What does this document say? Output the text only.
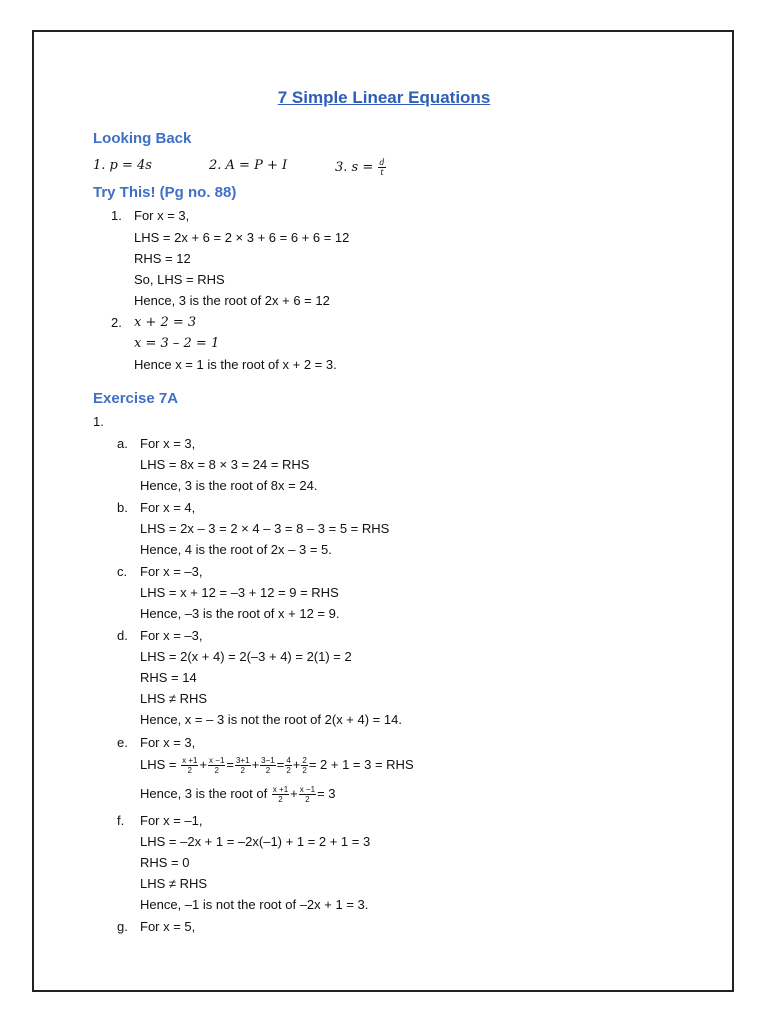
7 Simple Linear Equations
Looking Back
1. p = 4s	2. A = P + I	3. $s = \frac{d}{t}$
Try This! (Pg no. 88)
1. For x = 3,
LHS = 2x + 6 = 2 × 3 + 6 = 6 + 6 = 12
RHS = 12
So, LHS = RHS
Hence, 3 is the root of 2x + 6 = 12
2. x + 2 = 3
x = 3 – 2 = 1
Hence x = 1 is the root of x + 2 = 3.
Exercise 7A
1.
a. For x = 3,
LHS = 8x = 8 × 3 = 24 = RHS
Hence, 3 is the root of 8x = 24.
b. For x = 4,
LHS = 2x – 3 = 2 × 4 – 3 = 8 – 3 = 5 = RHS
Hence, 4 is the root of 2x – 3 = 5.
c. For x = –3,
LHS = x + 12 = –3 + 12 = 9 = RHS
Hence, –3 is the root of x + 12 = 9.
d. For x = –3,
LHS = 2(x + 4) = 2(–3 + 4) = 2(1) = 2
RHS = 14
LHS ≠ RHS
Hence, x = – 3 is not the root of 2(x + 4) = 14.
e. For x = 3,
LHS = $\frac{x +1}{2} + \frac{x -1}{2} = \frac{3+1}{2} + \frac{3-1}{2} = \frac{4}{2} + \frac{2}{2} = 2 + 1 = 3$ = RHS
Hence, 3 is the root of $\frac{x +1}{2} + \frac{x -1}{2} = 3$
f. For x = –1,
LHS = –2x + 1 = –2x(–1) + 1 = 2 + 1 = 3
RHS = 0
LHS ≠ RHS
Hence, –1 is not the root of –2x + 1 = 3.
g. For x = 5,
